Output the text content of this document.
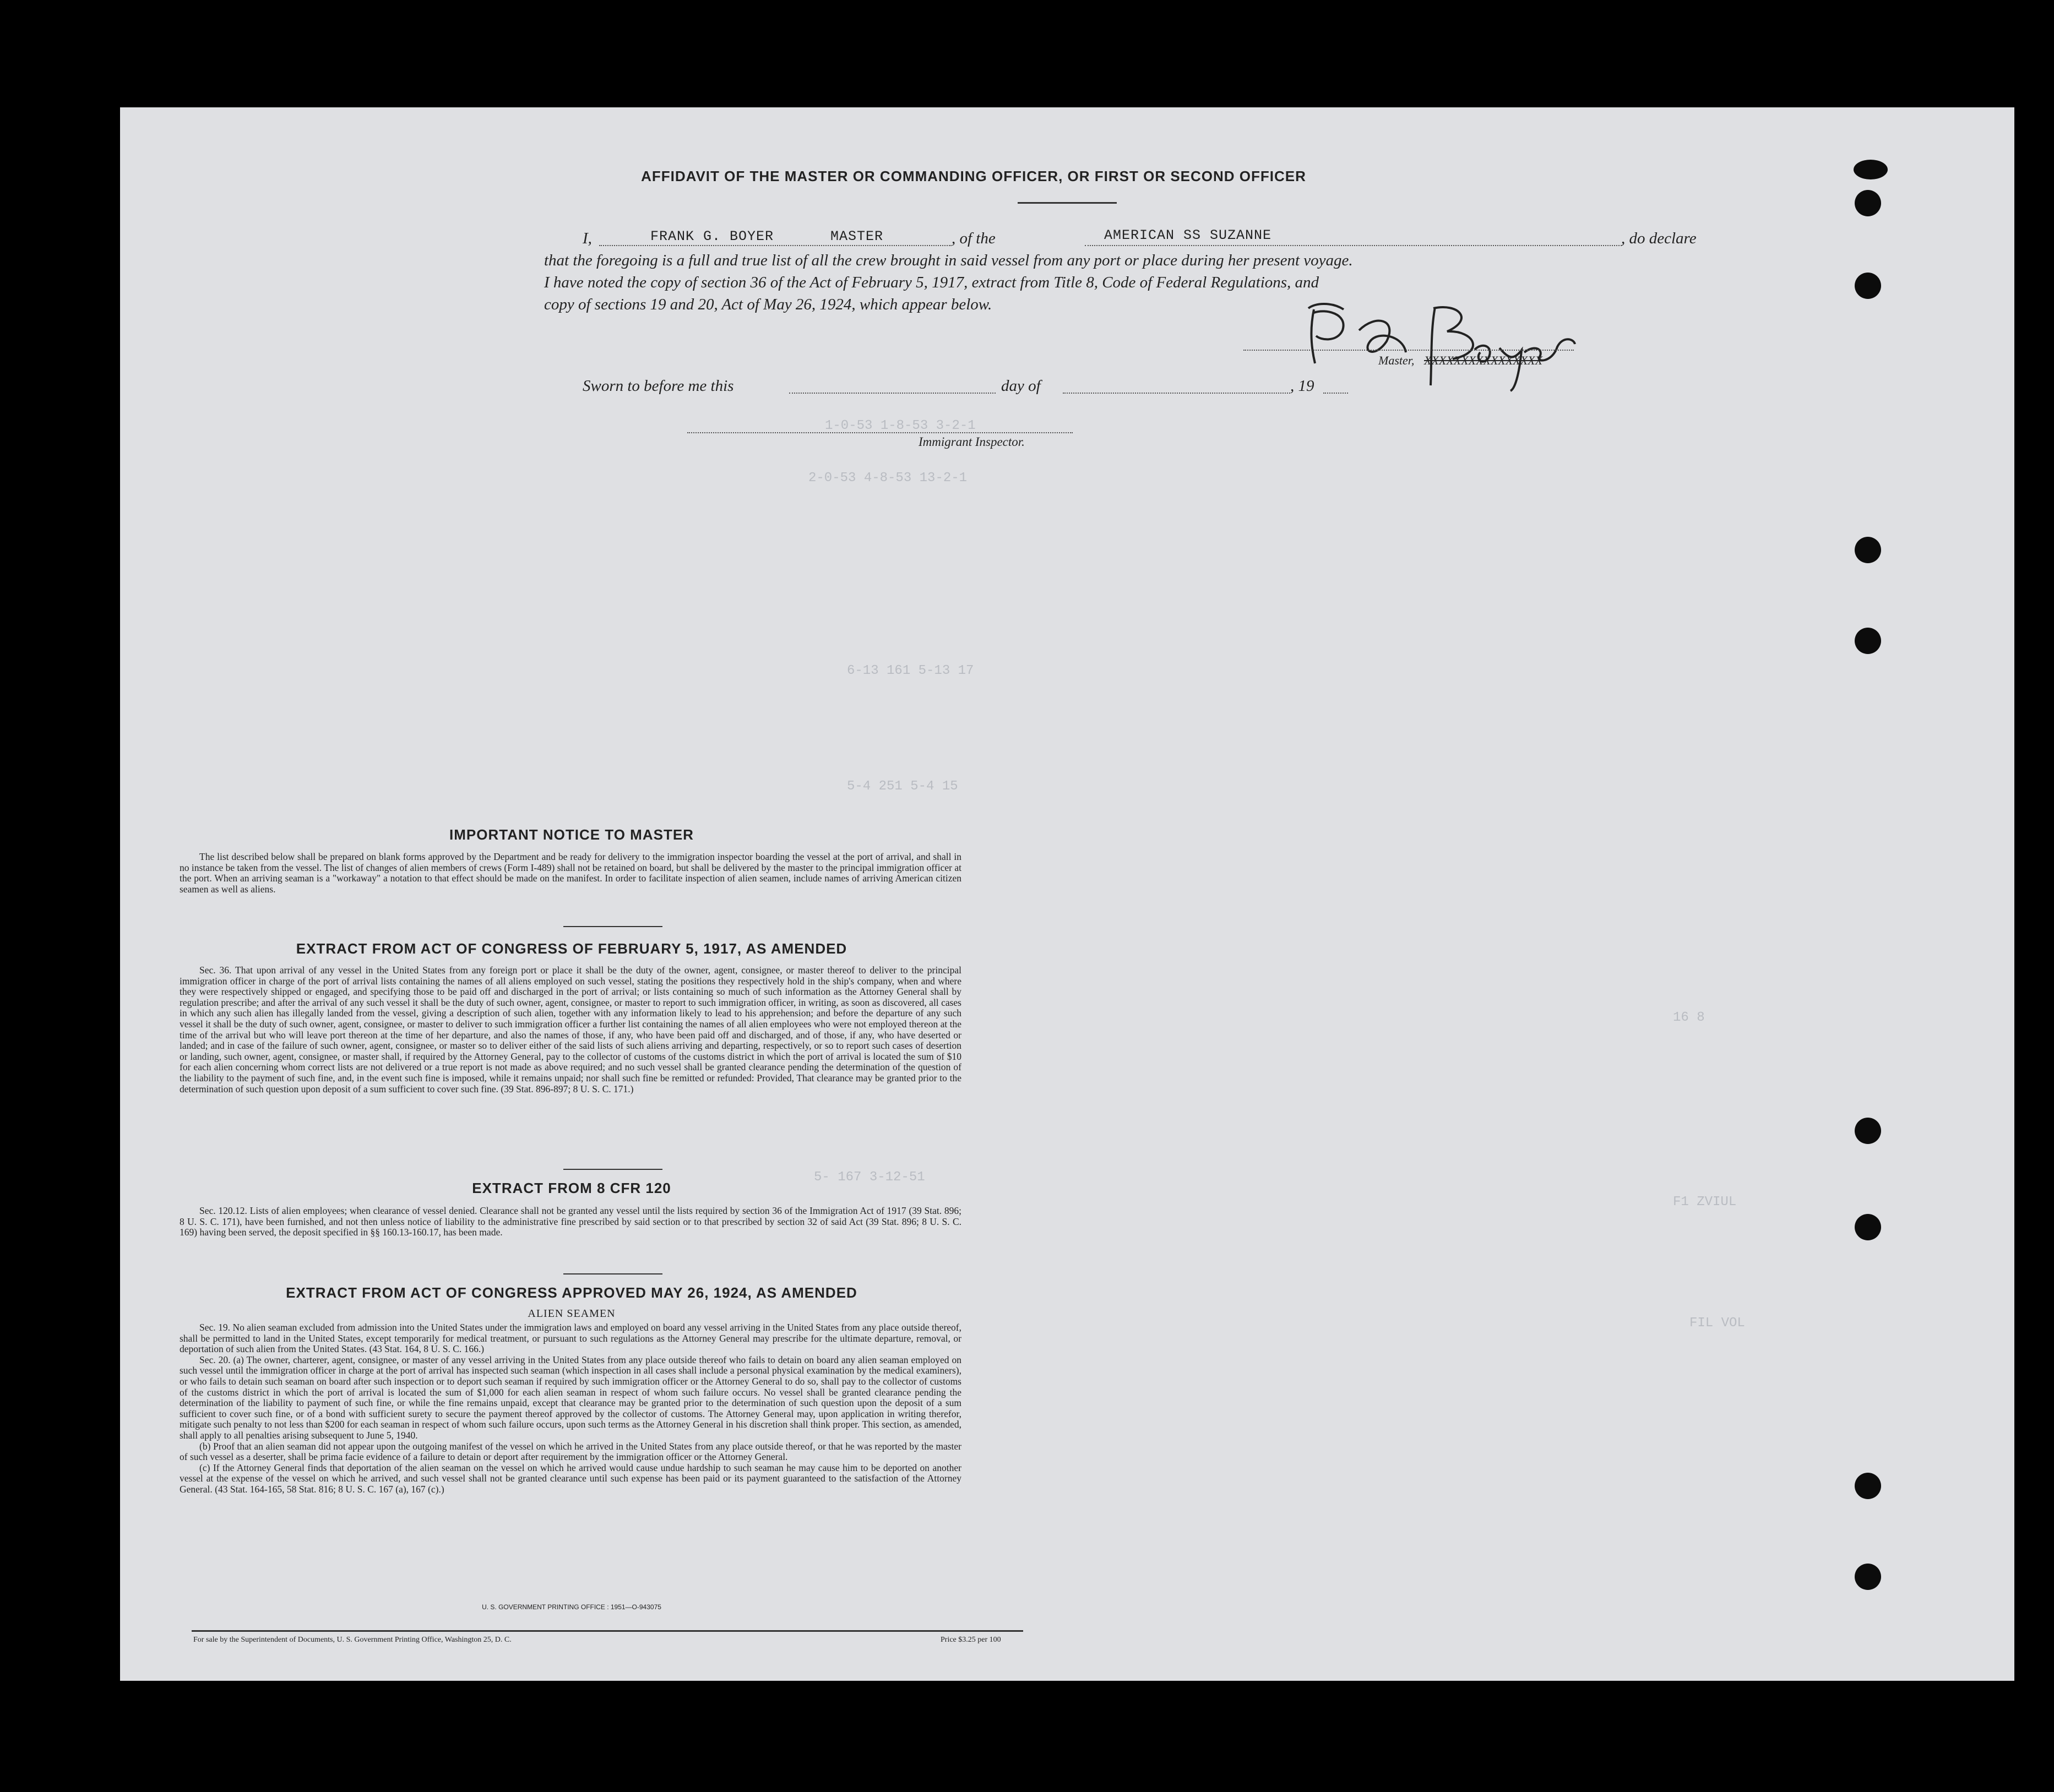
1-0-53 1-8-53 3-2-1
2-0-53 4-8-53 13-2-1
6-13 161 5-13 17
5-4 251 5-4 15
5- 167 3-12-51
16 8
F1 ZVIUL
FIL VOL
AFFIDAVIT OF THE MASTER OR COMMANDING OFFICER, OR FIRST OR SECOND OFFICER
I,	FRANK G. BOYER	MASTER	, of the	AMERICAN SS SUZANNE	, do declare
that the foregoing is a full and true list of all the crew brought in said vessel from any port or place during her present voyage.
I have noted the copy of section 36 of the Act of February 5, 1917, extract from Title 8, Code of Federal Regulations, and
copy of sections 19 and 20, Act of May 26, 1924, which appear below.
Master, XXXXXXXXXXXXXXXX
Sworn to before me this	day of	, 19
Immigrant Inspector.
IMPORTANT NOTICE TO MASTER

The list described below shall be prepared on blank forms approved by the Department and be ready for delivery to the immigration inspector boarding the vessel at the port of arrival, and shall in no instance be taken from the vessel. The list of changes of alien members of crews (Form I-489) shall not be retained on board, but shall be delivered by the master to the principal immigration officer at the port. When an arriving seaman is a "workaway" a notation to that effect should be made on the manifest. In order to facilitate inspection of alien seamen, include names of arriving American citizen seamen as well as aliens.

EXTRACT FROM ACT OF CONGRESS OF FEBRUARY 5, 1917, AS AMENDED

Sec. 36. That upon arrival of any vessel in the United States from any foreign port or place it shall be the duty of the owner, agent, consignee, or master thereof to deliver to the principal immigration officer in charge of the port of arrival lists containing the names of all aliens employed on such vessel, stating the positions they respectively hold in the ship's company, when and where they were respectively shipped or engaged, and specifying those to be paid off and discharged in the port of arrival; or lists containing so much of such information as the Attorney General shall by regulation prescribe; and after the arrival of any such vessel it shall be the duty of such owner, agent, consignee, or master to report to such immigration officer, in writing, as soon as discovered, all cases in which any such alien has illegally landed from the vessel, giving a description of such alien, together with any information likely to lead to his apprehension; and before the departure of any such vessel it shall be the duty of such owner, agent, consignee, or master to deliver to such immigration officer a further list containing the names of all alien employees who were not employed thereon at the time of the arrival but who will leave port thereon at the time of her departure, and also the names of those, if any, who have been paid off and discharged, and of those, if any, who have deserted or landed; and in case of the failure of such owner, agent, consignee, or master so to deliver either of the said lists of such aliens arriving and departing, respectively, or so to report such cases of desertion or landing, such owner, agent, consignee, or master shall, if required by the Attorney General, pay to the collector of customs of the customs district in which the port of arrival is located the sum of $10 for each alien concerning whom correct lists are not delivered or a true report is not made as above required; and no such vessel shall be granted clearance pending the determination of the question of the liability to the payment of such fine, and, in the event such fine is imposed, while it remains unpaid; nor shall such fine be remitted or refunded: Provided, That clearance may be granted prior to the determination of such question upon deposit of a sum sufficient to cover such fine. (39 Stat. 896-897; 8 U. S. C. 171.)

EXTRACT FROM 8 CFR 120

Sec. 120.12. Lists of alien employees; when clearance of vessel denied. Clearance shall not be granted any vessel until the lists required by section 36 of the Immigration Act of 1917 (39 Stat. 896; 8 U. S. C. 171), have been furnished, and not then unless notice of liability to the administrative fine prescribed by said section or to that prescribed by section 32 of said Act (39 Stat. 896; 8 U. S. C. 169) having been served, the deposit specified in §§ 160.13-160.17, has been made.

EXTRACT FROM ACT OF CONGRESS APPROVED MAY 26, 1924, AS AMENDED
ALIEN SEAMEN

Sec. 19. No alien seaman excluded from admission into the United States under the immigration laws and employed on board any vessel arriving in the United States from any place outside thereof, shall be permitted to land in the United States, except temporarily for medical treatment, or pursuant to such regulations as the Attorney General may prescribe for the ultimate departure, removal, or deportation of such alien from the United States. (43 Stat. 164, 8 U. S. C. 166.)

Sec. 20. (a) The owner, charterer, agent, consignee, or master of any vessel arriving in the United States from any place outside thereof who fails to detain on board any alien seaman employed on such vessel until the immigration officer in charge at the port of arrival has inspected such seaman (which inspection in all cases shall include a personal physical examination by the medical examiners), or who fails to detain such seaman on board after such inspection or to deport such seaman if required by such immigration officer or the Attorney General to do so, shall pay to the collector of customs of the customs district in which the port of arrival is located the sum of $1,000 for each alien seaman in respect of whom such failure occurs. No vessel shall be granted clearance pending the determination of the liability to payment of such fine, or while the fine remains unpaid, except that clearance may be granted prior to the determination of such question upon the deposit of a sum sufficient to cover such fine, or of a bond with sufficient surety to secure the payment thereof approved by the collector of customs. The Attorney General may, upon application in writing therefor, mitigate such penalty to not less than $200 for each seaman in respect of whom such failure occurs, upon such terms as the Attorney General in his discretion shall think proper. This section, as amended, shall apply to all penalties arising subsequent to June 5, 1940.

(b) Proof that an alien seaman did not appear upon the outgoing manifest of the vessel on which he arrived in the United States from any place outside thereof, or that he was reported by the master of such vessel as a deserter, shall be prima facie evidence of a failure to detain or deport after requirement by the immigration officer or the Attorney General.

(c) If the Attorney General finds that deportation of the alien seaman on the vessel on which he arrived would cause undue hardship to such seaman he may cause him to be deported on another vessel at the expense of the vessel on which he arrived, and such vessel shall not be granted clearance until such expense has been paid or its payment guaranteed to the satisfaction of the Attorney General. (43 Stat. 164-165, 58 Stat. 816; 8 U. S. C. 167 (a), 167 (c).)

U. S. GOVERNMENT PRINTING OFFICE : 1951—O-943075
For sale by the Superintendent of Documents, U. S. Government Printing Office, Washington 25, D. C.	Price $3.25 per 100
